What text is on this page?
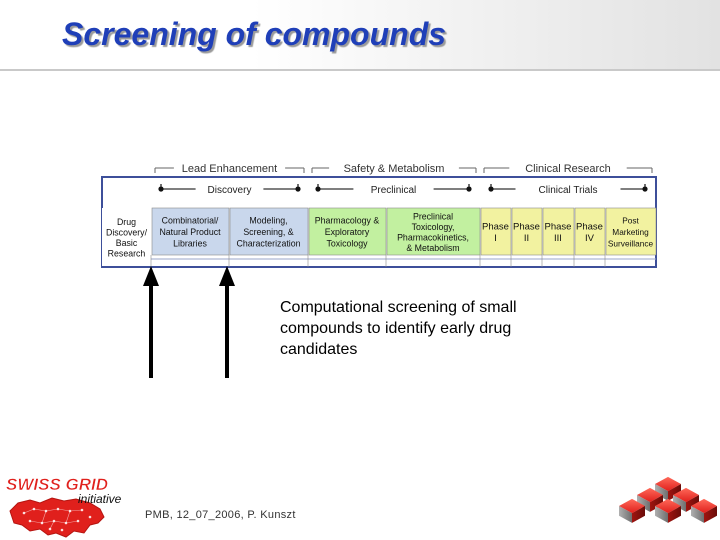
Screening of compounds
Lead Enhancement	Safety & Metabolism	Clinical Research
Discovery	Preclinical	Clinical Trials
Drug
Discovery/
Basic
Research
Combinatorial/
Natural Product
Libraries
Modeling,
Screening, &
Characterization
Pharmacology &
Exploratory
Toxicology
Preclinical
Toxicology,
Pharmacokinetics,
& Metabolism
Phase
I
Phase
II
Phase
III
Phase
IV
Post
Marketing
Surveillance
Computational screening of small
compounds to identify early drug
candidates
SWISS GRID
initiative
PMB, 12_07_2006, P. Kunszt
